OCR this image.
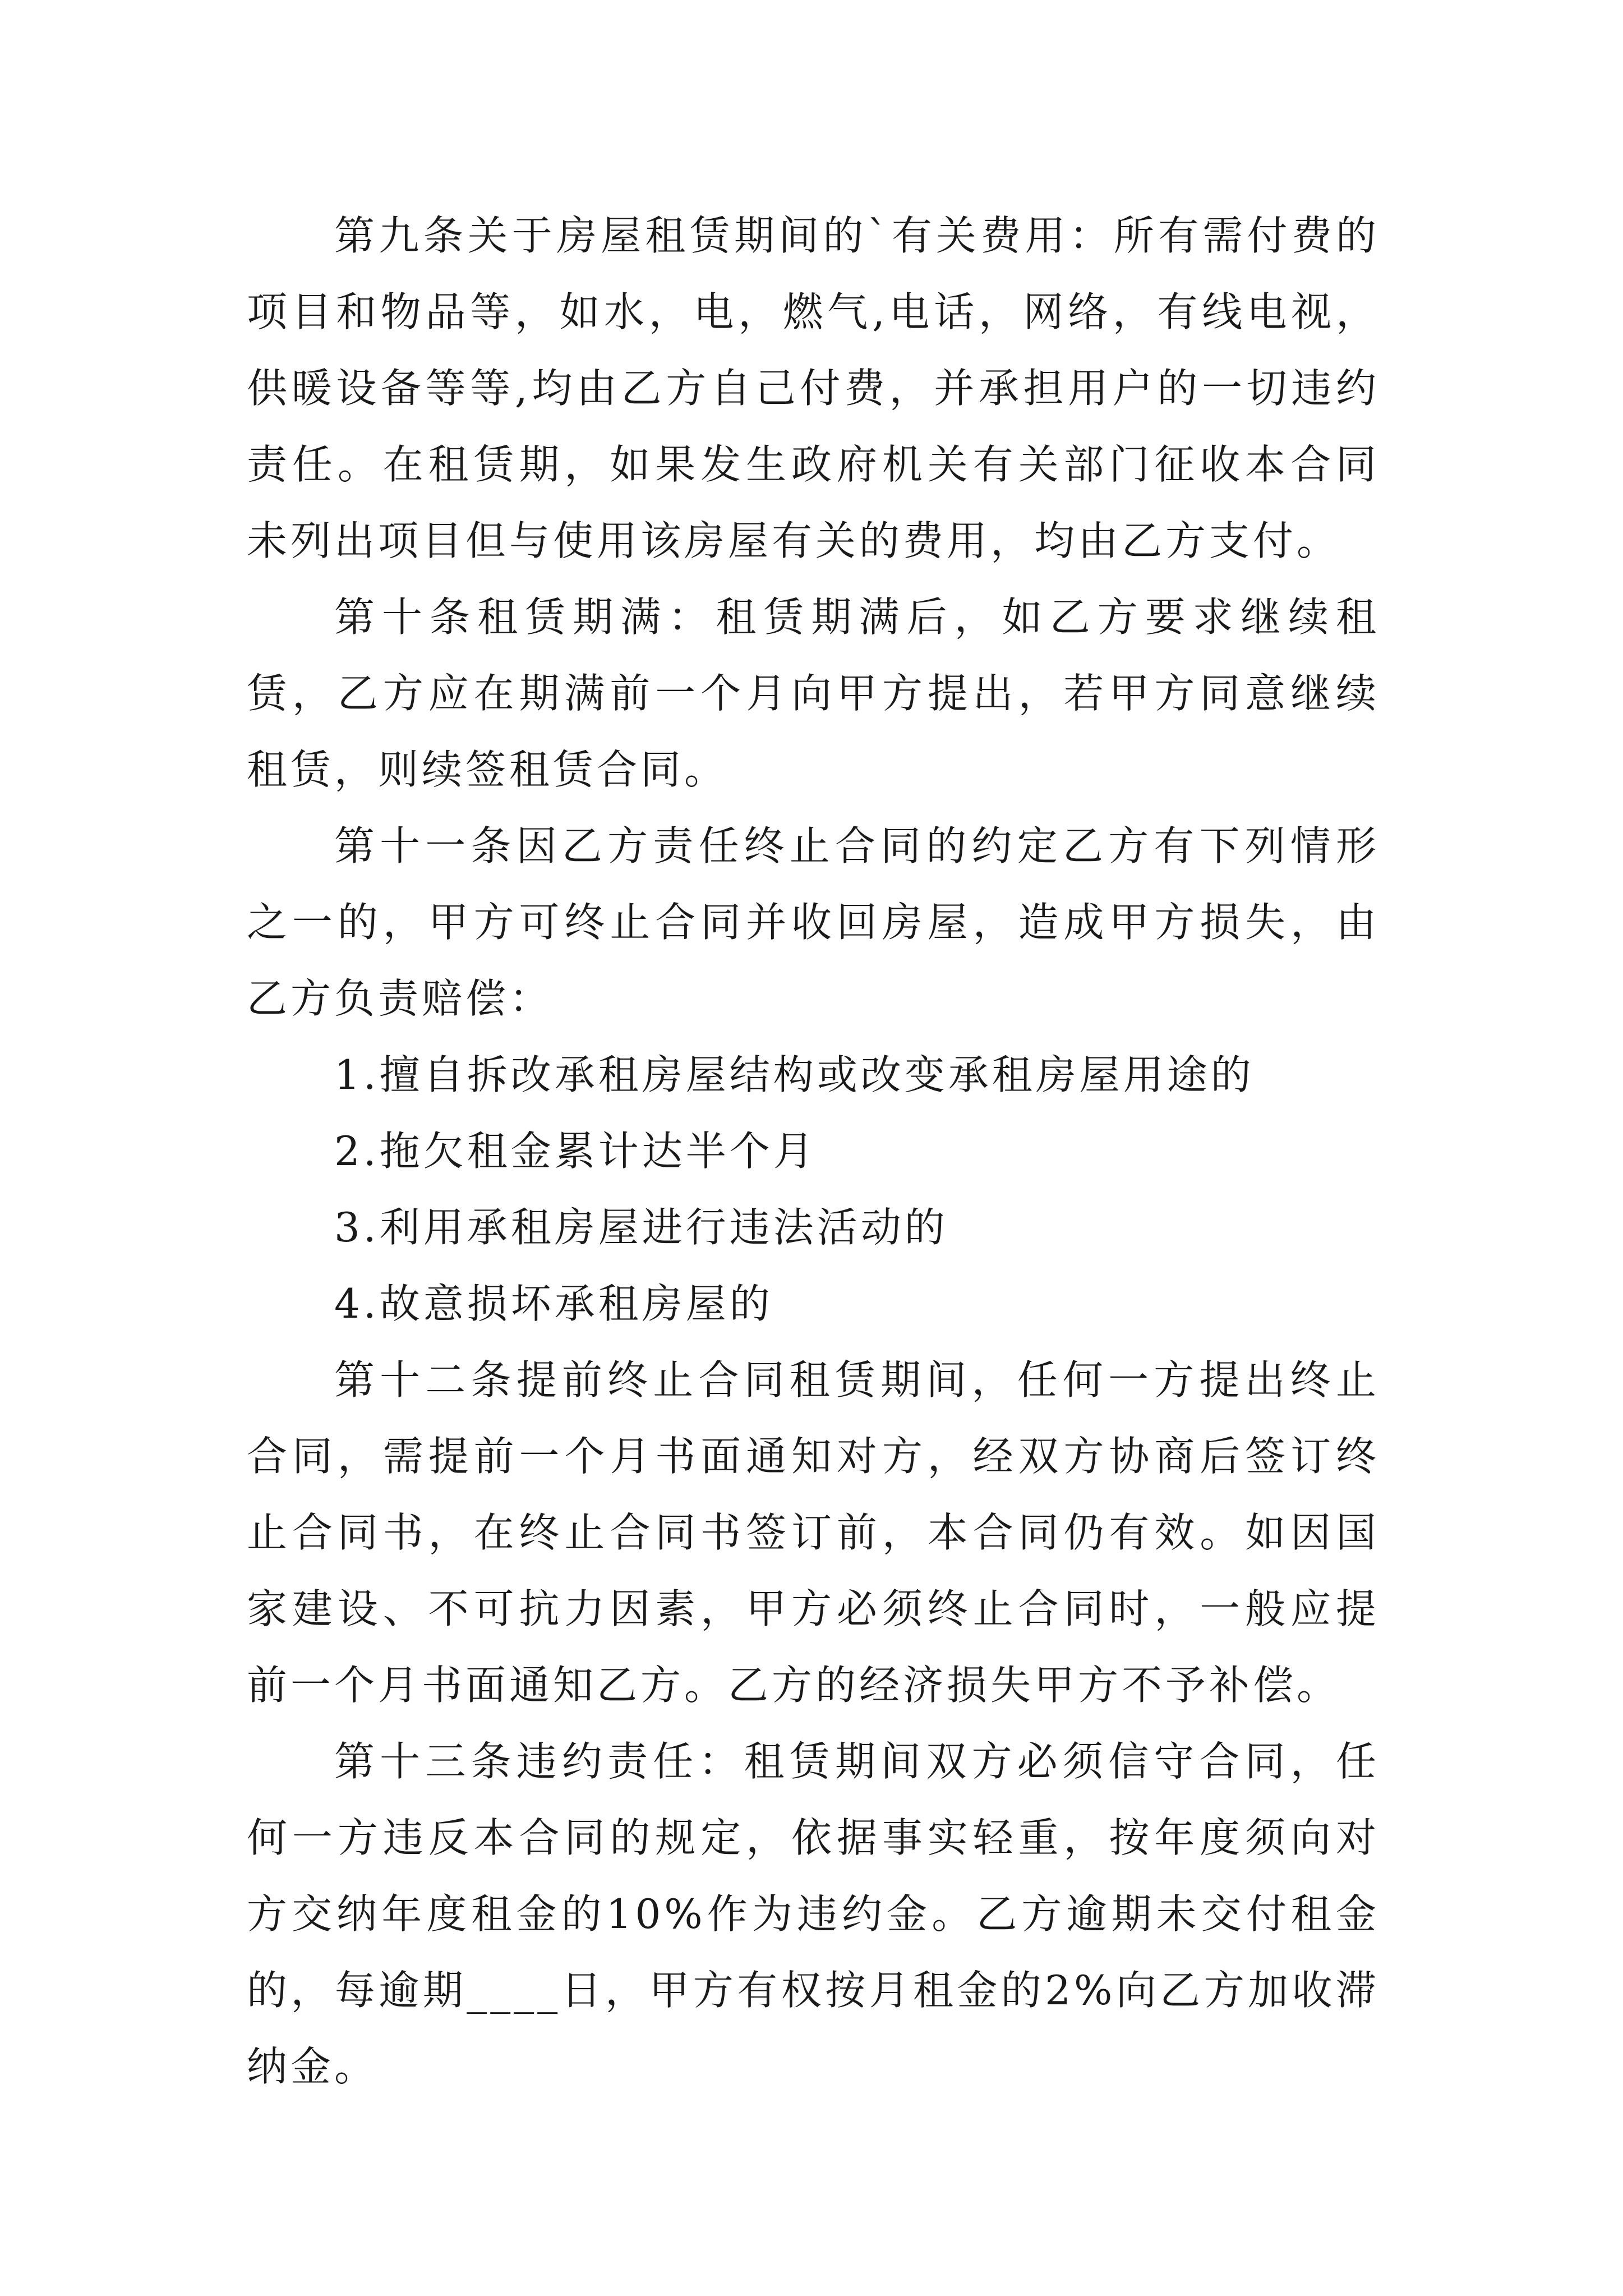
第九条关于房屋租赁期间的`有关费用：所有需付费的项目和物品等，如水，电，燃气,电话，网络，有线电视，供暖设备等等,均由乙方自己付费，并承担用户的一切违约责任。在租赁期，如果发生政府机关有关部门征收本合同未列出项目但与使用该房屋有关的费用，均由乙方支付。

第十条租赁期满：租赁期满后，如乙方要求继续租赁，乙方应在期满前一个月向甲方提出，若甲方同意继续租赁，则续签租赁合同。

第十一条因乙方责任终止合同的约定乙方有下列情形之一的，甲方可终止合同并收回房屋，造成甲方损失，由乙方负责赔偿：

1.擅自拆改承租房屋结构或改变承租房屋用途的

2.拖欠租金累计达半个月

3.利用承租房屋进行违法活动的

4.故意损坏承租房屋的

第十二条提前终止合同租赁期间，任何一方提出终止合同，需提前一个月书面通知对方，经双方协商后签订终止合同书，在终止合同书签订前，本合同仍有效。如因国家建设、不可抗力因素，甲方必须终止合同时，一般应提前一个月书面通知乙方。乙方的经济损失甲方不予补偿。

第十三条违约责任：租赁期间双方必须信守合同，任何一方违反本合同的规定，依据事实轻重，按年度须向对方交纳年度租金的10%作为违约金。乙方逾期未交付租金的，每逾期____日，甲方有权按月租金的2%向乙方加收滞纳金。
